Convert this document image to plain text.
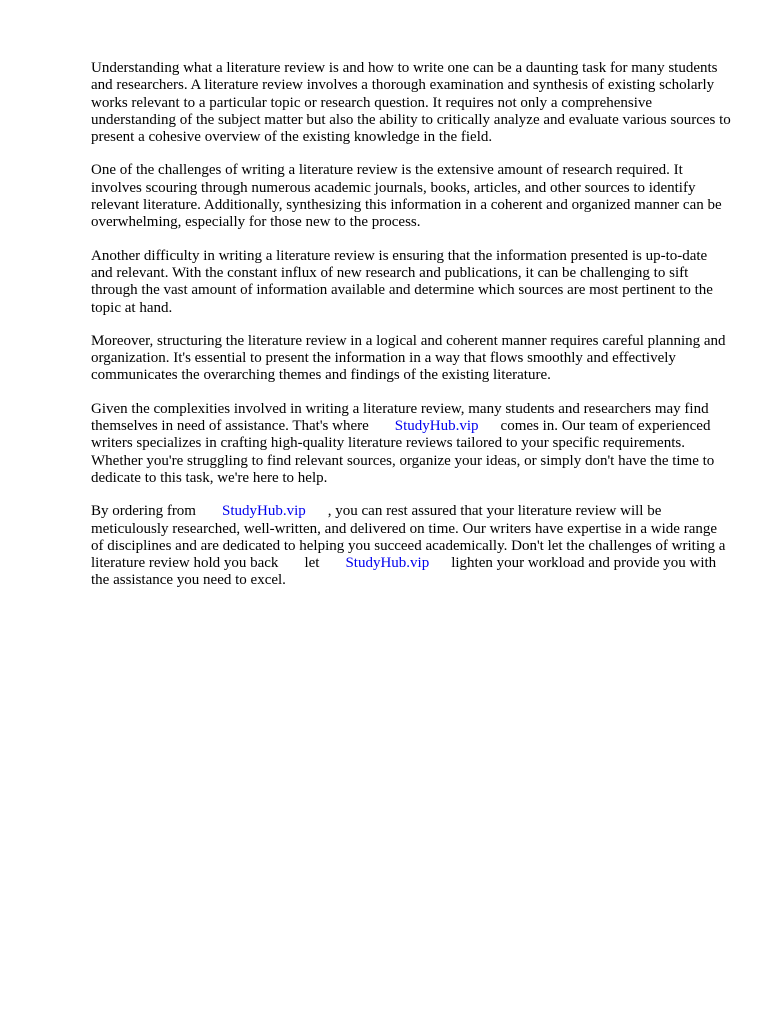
Understanding what a literature review is and how to write one can be a daunting task for many students and researchers. A literature review involves a thorough examination and synthesis of existing scholarly works relevant to a particular topic or research question. It requires not only a comprehensive understanding of the subject matter but also the ability to critically analyze and evaluate various sources to present a cohesive overview of the existing knowledge in the field.

One of the challenges of writing a literature review is the extensive amount of research required. It involves scouring through numerous academic journals, books, articles, and other sources to identify relevant literature. Additionally, synthesizing this information in a coherent and organized manner can be overwhelming, especially for those new to the process.

Another difficulty in writing a literature review is ensuring that the information presented is up-to-date and relevant. With the constant influx of new research and publications, it can be challenging to sift through the vast amount of information available and determine which sources are most pertinent to the topic at hand.

Moreover, structuring the literature review in a logical and coherent manner requires careful planning and organization. It's essential to present the information in a way that flows smoothly and effectively communicates the overarching themes and findings of the existing literature.

Given the complexities involved in writing a literature review, many students and researchers may find themselves in need of assistance. That's where StudyHub.vip comes in. Our team of experienced writers specializes in crafting high-quality literature reviews tailored to your specific requirements. Whether you're struggling to find relevant sources, organize your ideas, or simply don't have the time to dedicate to this task, we're here to help.

By ordering from StudyHub.vip , you can rest assured that your literature review will be meticulously researched, well-written, and delivered on time. Our writers have expertise in a wide range of disciplines and are dedicated to helping you succeed academically. Don't let the challenges of writing a literature review hold you back let StudyHub.vip lighten your workload and provide you with the assistance you need to excel.
